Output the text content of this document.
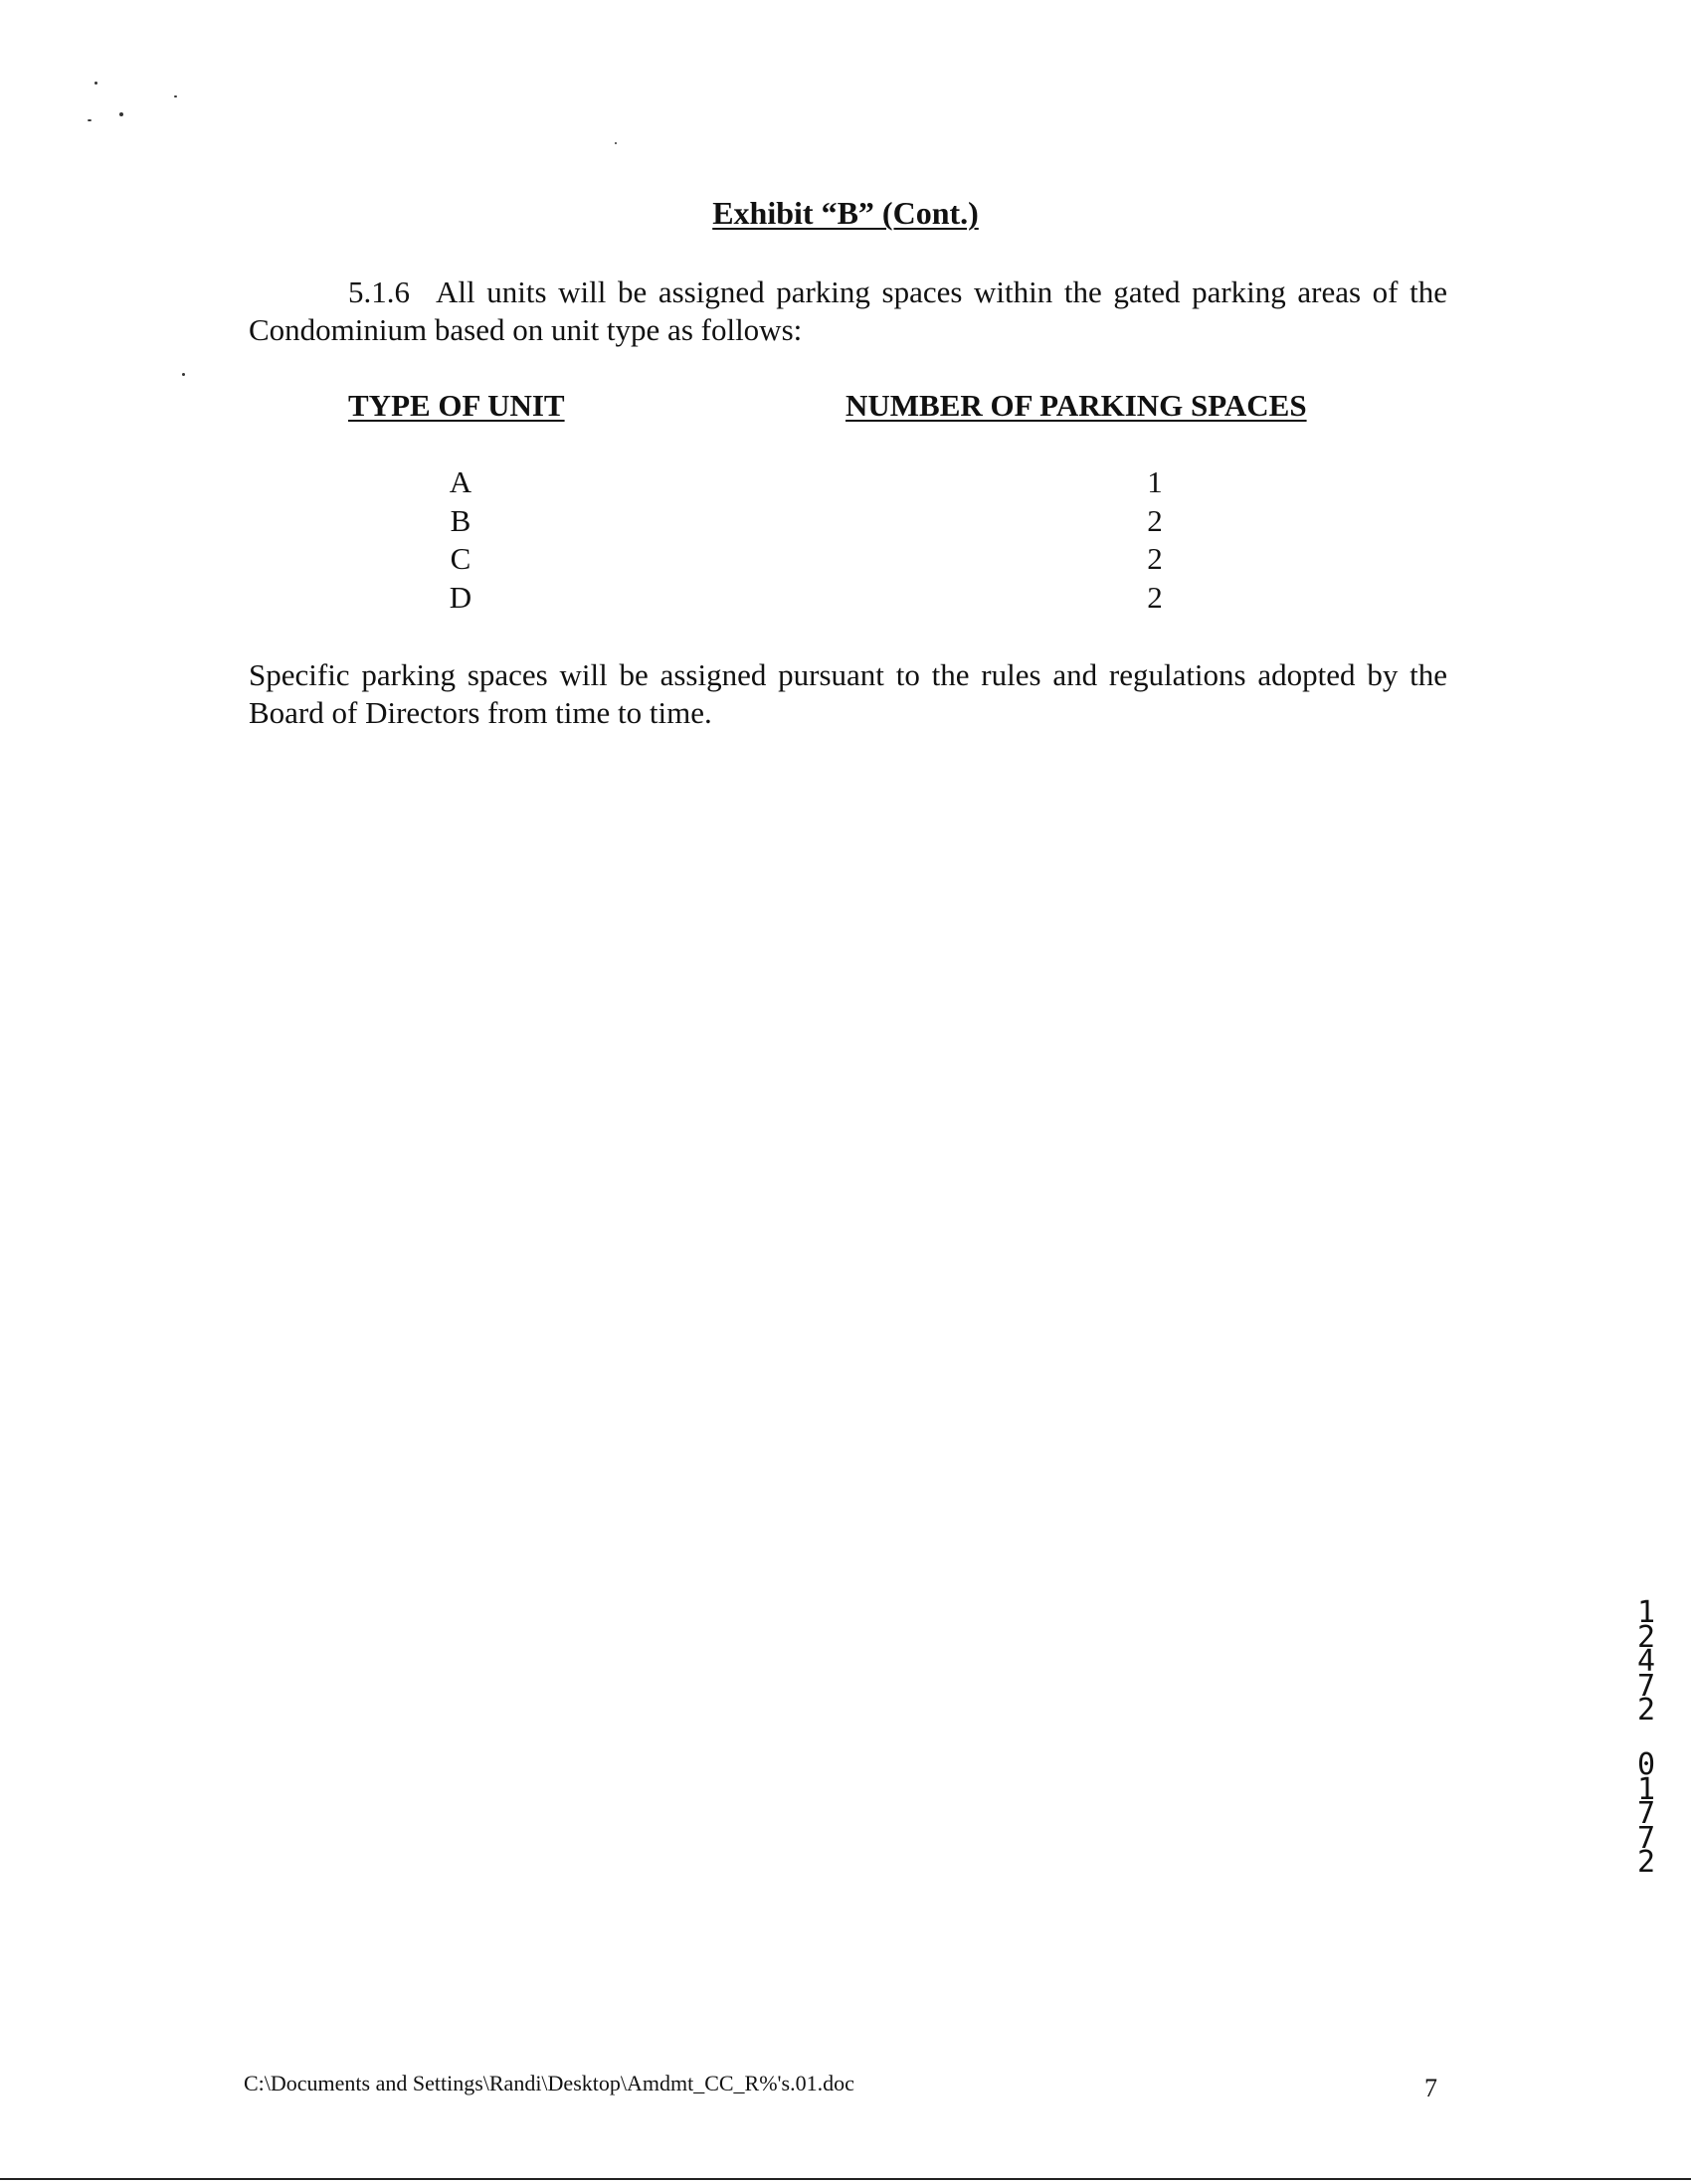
Exhibit “B” (Cont.)
5.1.6 All units will be assigned parking spaces within the gated parking areas of the Condominium based on unit type as follows:
TYPE OF UNIT	NUMBER OF PARKING SPACES
A	1
B	2
C	2
D	2
Specific parking spaces will be assigned pursuant to the rules and regulations adopted by the Board of Directors from time to time.
1
2
4
7
2
0
1
7
7
2
C:\Documents and Settings\Randi\Desktop\Amdmt_CC_R%'s.01.doc	7
